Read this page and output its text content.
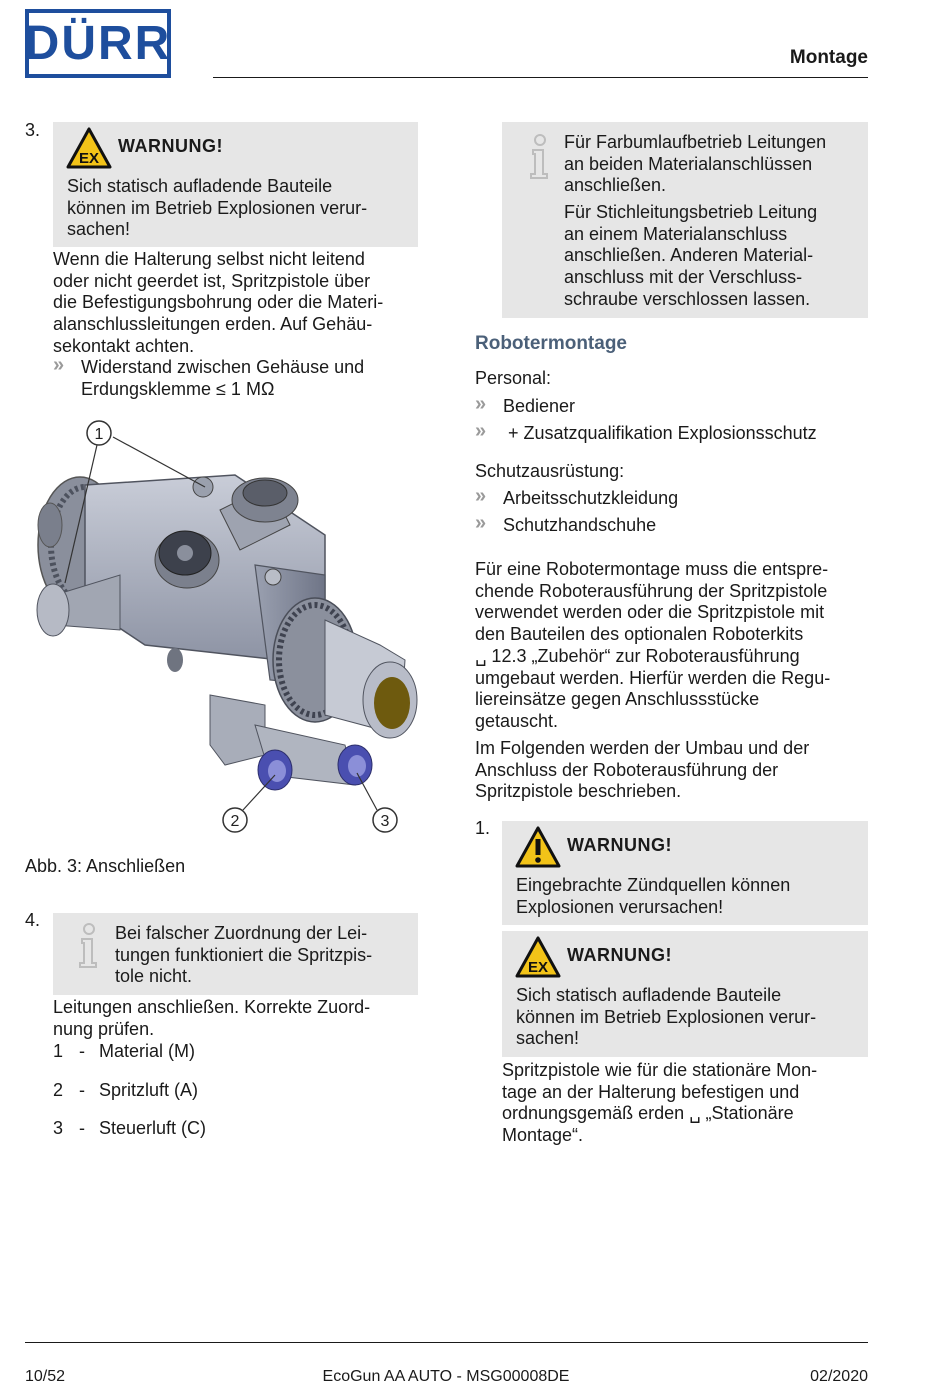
DÜRR	Montage
3.
EX
WARNUNG!
Sich statisch aufladende Bauteile
können im Betrieb Explosionen verur-
sachen!
Wenn die Halterung selbst nicht leitend
oder nicht geerdet ist, Spritzpistole über
die Befestigungsbohrung oder die Materi-
alanschlussleitungen erden. Auf Gehäu-
sekontakt achten.
» Widerstand zwischen Gehäuse und
Erdungsklemme ≤ 1 MΩ
1
2	3
Abb. 3: Anschließen
4.
Bei falscher Zuordnung der Lei-
tungen funktioniert die Spritzpis-
tole nicht.
Leitungen anschließen. Korrekte Zuord-
nung prüfen.
1 - Material (M)
2 - Spritzluft (A)
3 - Steuerluft (C)
Für Farbumlaufbetrieb Leitungen
an beiden Materialanschlüssen
anschließen.
Für Stichleitungsbetrieb Leitung
an einem Materialanschluss
anschließen. Anderen Material-
anschluss mit der Verschluss-
schraube verschlossen lassen.
Robotermontage
Personal:
» Bediener
» + Zusatzqualifikation Explosionsschutz
Schutzausrüstung:
» Arbeitsschutzkleidung
» Schutzhandschuhe
Für eine Robotermontage muss die entspre-
chende Roboterausführung der Spritzpistole
verwendet werden oder die Spritzpistole mit
den Bauteilen des optionalen Roboterkits
␣ 12.3 „Zubehör“ zur Roboterausführung
umgebaut werden. Hierfür werden die Regu-
liereinsätze gegen Anschlussstücke
getauscht.
Im Folgenden werden der Umbau und der
Anschluss der Roboterausführung der
Spritzpistole beschrieben.
1.
WARNUNG!
Eingebrachte Zündquellen können
Explosionen verursachen!
EX
WARNUNG!
Sich statisch aufladende Bauteile
können im Betrieb Explosionen verur-
sachen!
Spritzpistole wie für die stationäre Mon-
tage an der Halterung befestigen und
ordnungsgemäß erden ␣ „Stationäre
Montage“.
10/52	EcoGun AA AUTO - MSG00008DE	02/2020
